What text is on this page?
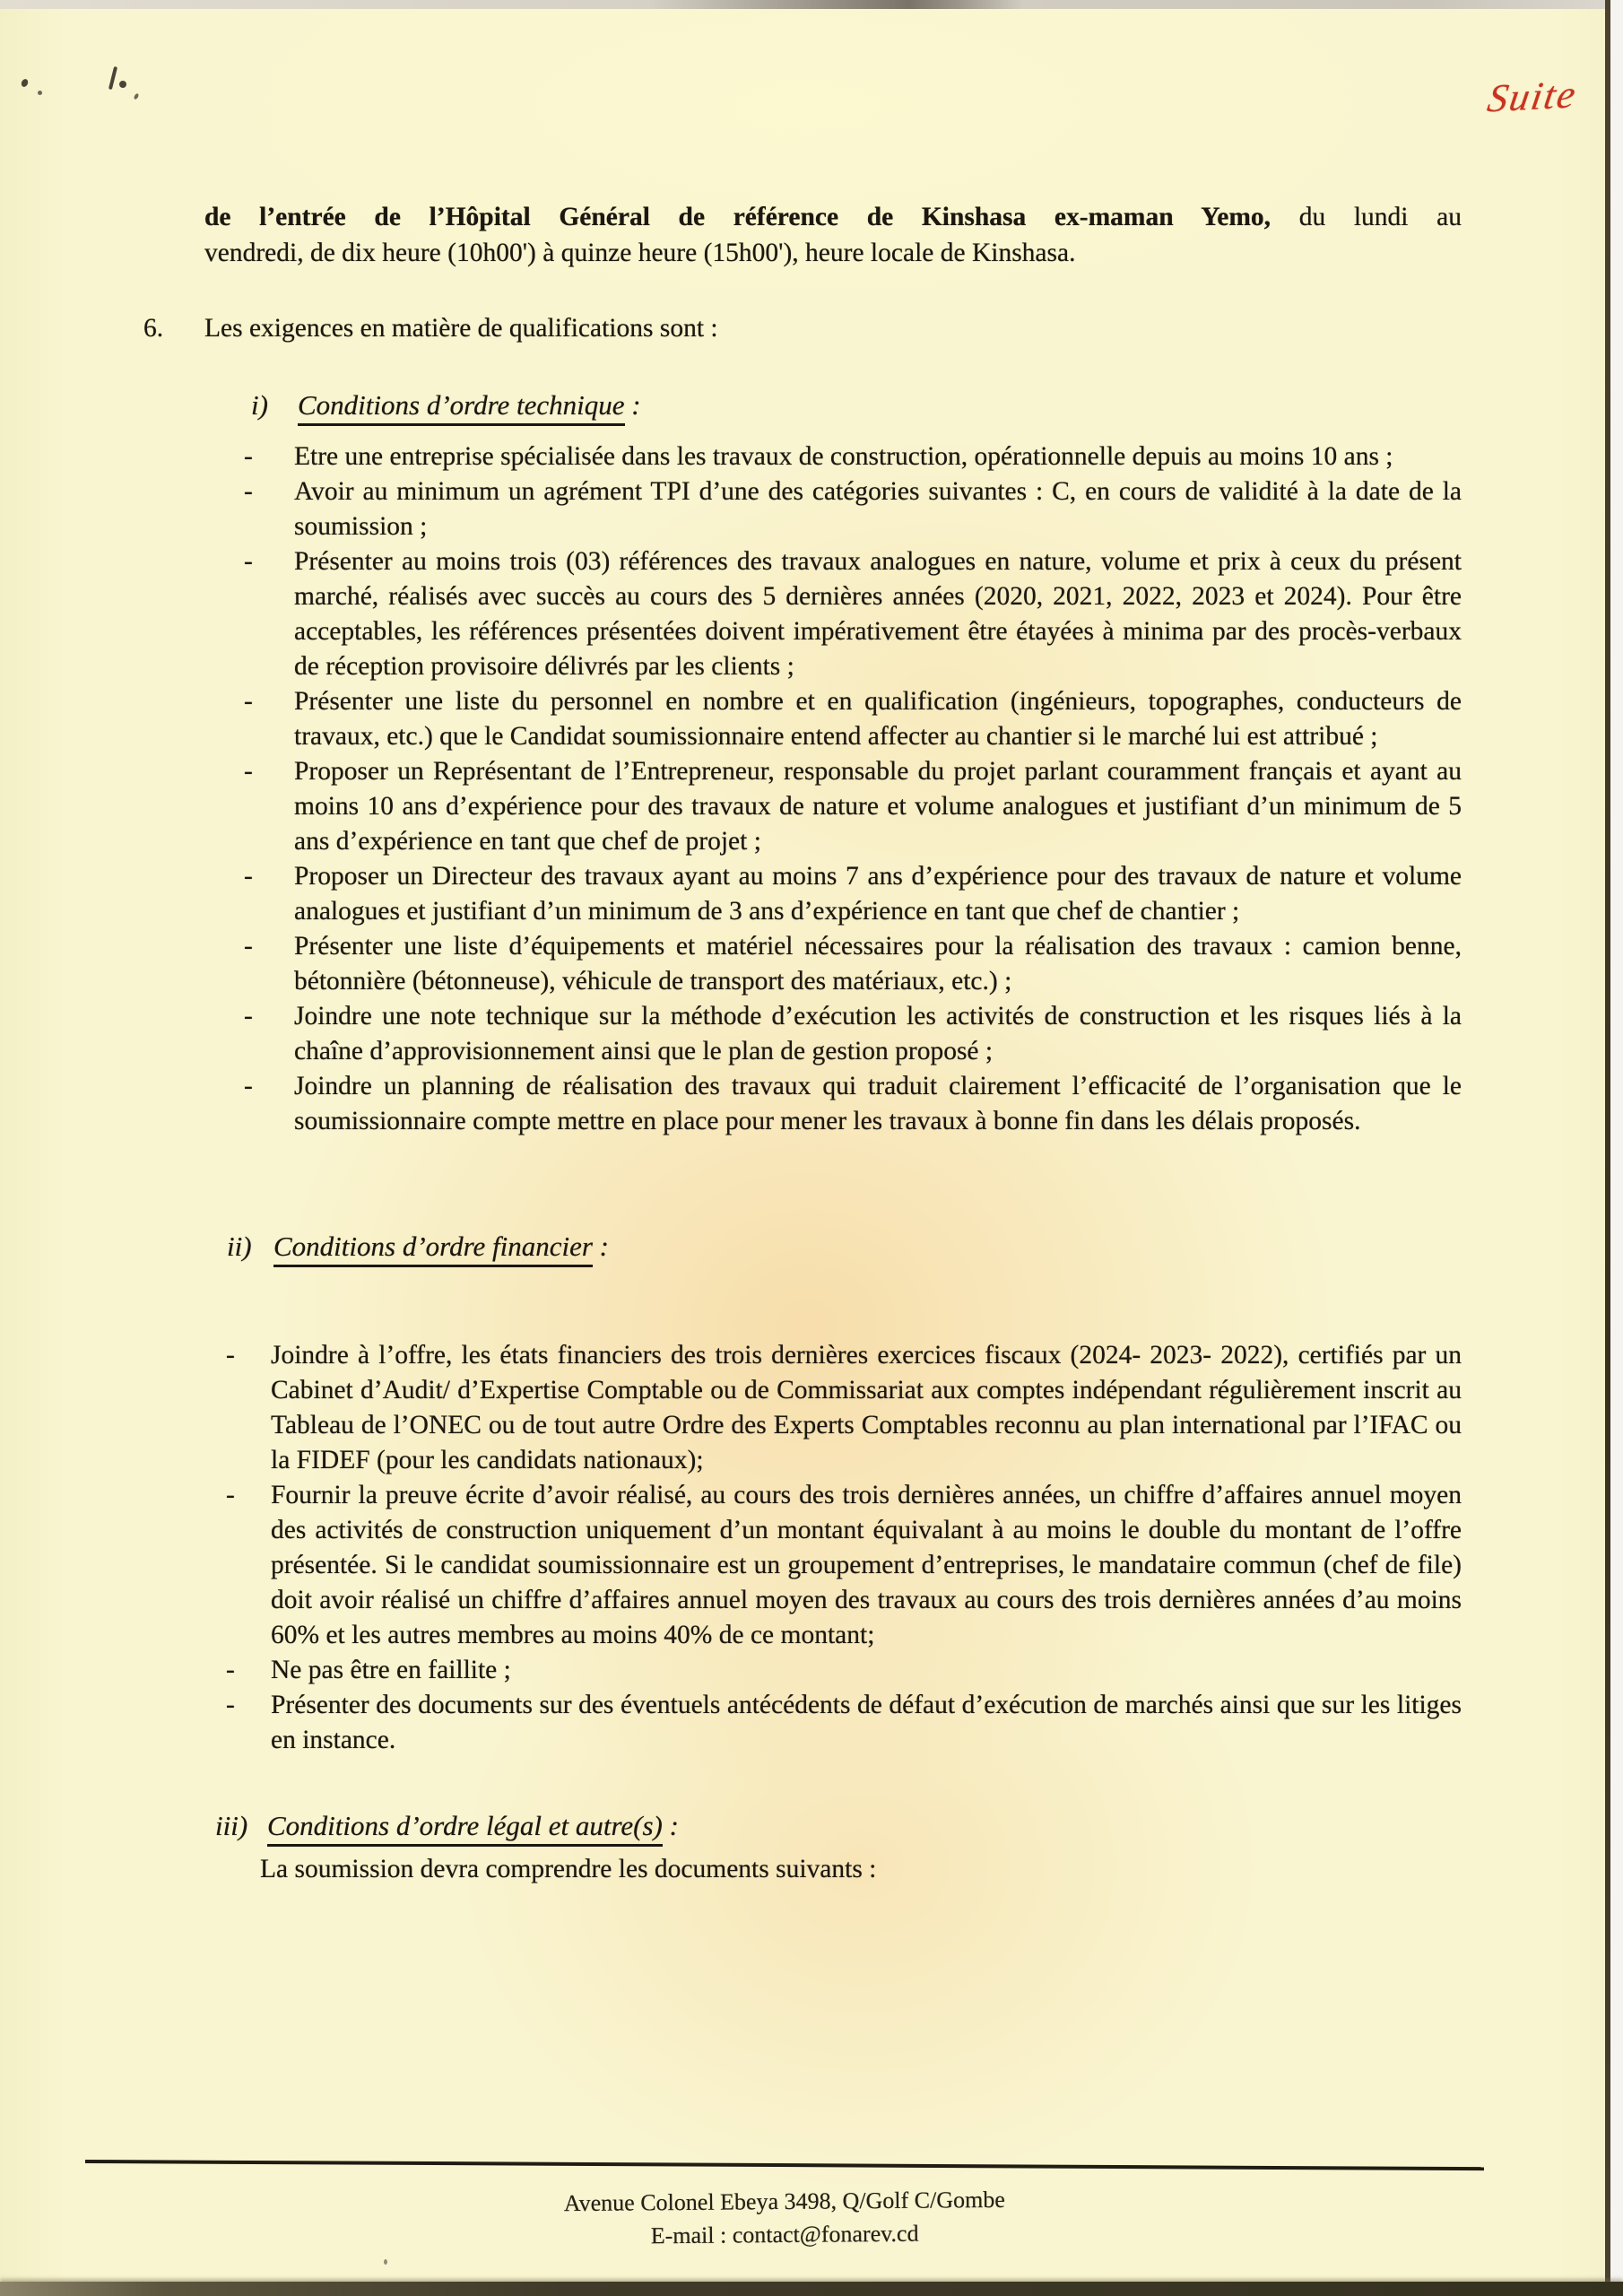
Suite
de l’entrée de l’Hôpital Général de référence de Kinshasa ex-maman Yemo, du lundi au
vendredi, de dix heure (10h00') à quinze heure (15h00'), heure locale de Kinshasa.
6. Les exigences en matière de qualifications sont :
i) Conditions d’ordre technique :
- Etre une entreprise spécialisée dans les travaux de construction, opérationnelle depuis au moins 10 ans ;
- Avoir au minimum un agrément TPI d’une des catégories suivantes : C, en cours de validité à la date de la soumission ;
- Présenter au moins trois (03) références des travaux analogues en nature, volume et prix à ceux du présent marché, réalisés avec succès au cours des 5 dernières années (2020, 2021, 2022, 2023 et 2024). Pour être acceptables, les références présentées doivent impérativement être étayées à minima par des procès-verbaux de réception provisoire délivrés par les clients ;
- Présenter une liste du personnel en nombre et en qualification (ingénieurs, topographes, conducteurs de travaux, etc.) que le Candidat soumissionnaire entend affecter au chantier si le marché lui est attribué ;
- Proposer un Représentant de l’Entrepreneur, responsable du projet parlant couramment français et ayant au moins 10 ans d’expérience pour des travaux de nature et volume analogues et justifiant d’un minimum de 5 ans d’expérience en tant que chef de projet ;
- Proposer un Directeur des travaux ayant au moins 7 ans d’expérience pour des travaux de nature et volume analogues et justifiant d’un minimum de 3 ans d’expérience en tant que chef de chantier ;
- Présenter une liste d’équipements et matériel nécessaires pour la réalisation des travaux : camion benne, bétonnière (bétonneuse), véhicule de transport des matériaux, etc.) ;
- Joindre une note technique sur la méthode d’exécution les activités de construction et les risques liés à la chaîne d’approvisionnement ainsi que le plan de gestion proposé ;
- Joindre un planning de réalisation des travaux qui traduit clairement l’efficacité de l’organisation que le soumissionnaire compte mettre en place pour mener les travaux à bonne fin dans les délais proposés.
ii) Conditions d’ordre financier :
- Joindre à l’offre, les états financiers des trois dernières exercices fiscaux (2024- 2023- 2022), certifiés par un Cabinet d’Audit/ d’Expertise Comptable ou de Commissariat aux comptes indépendant régulièrement inscrit au Tableau de l’ONEC ou de tout autre Ordre des Experts Comptables reconnu au plan international par l’IFAC ou la FIDEF (pour les candidats nationaux);
- Fournir la preuve écrite d’avoir réalisé, au cours des trois dernières années, un chiffre d’affaires annuel moyen des activités de construction uniquement d’un montant équivalant à au moins le double du montant de l’offre présentée. Si le candidat soumissionnaire est un groupement d’entreprises, le mandataire commun (chef de file) doit avoir réalisé un chiffre d’affaires annuel moyen des travaux au cours des trois dernières années d’au moins 60% et les autres membres au moins 40% de ce montant;
- Ne pas être en faillite ;
- Présenter des documents sur des éventuels antécédents de défaut d’exécution de marchés ainsi que sur les litiges en instance.
iii) Conditions d’ordre légal et autre(s) :
La soumission devra comprendre les documents suivants :
Avenue Colonel Ebeya 3498, Q/Golf C/Gombe
E-mail : contact@fonarev.cd
